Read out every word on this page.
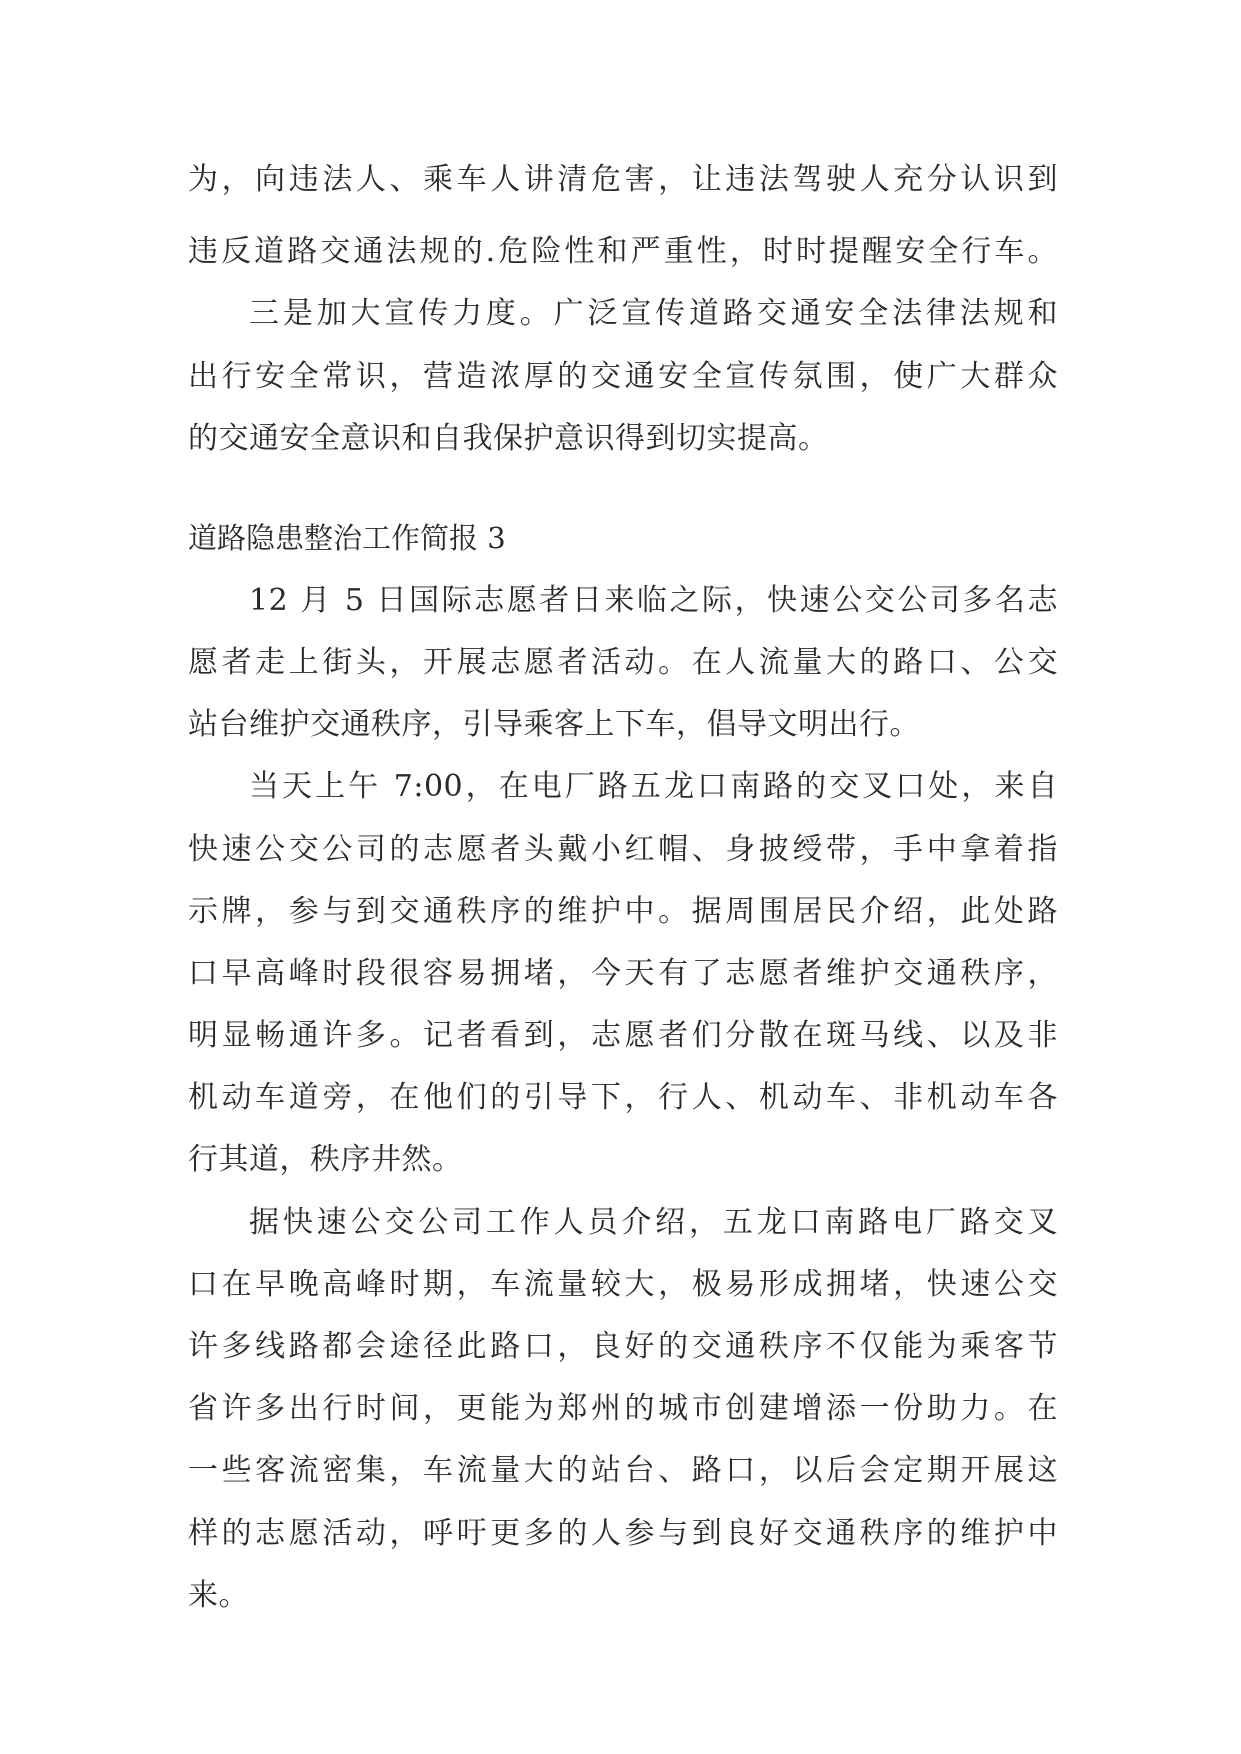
为，向违法人、乘车人讲清危害，让违法驾驶人充分认识到
违反道路交通法规的.危险性和严重性，时时提醒安全行车。
三是加大宣传力度。广泛宣传道路交通安全法律法规和
出行安全常识，营造浓厚的交通安全宣传氛围，使广大群众
的交通安全意识和自我保护意识得到切实提高。
道路隐患整治工作简报 3
12 月 5 日国际志愿者日来临之际，快速公交公司多名志
愿者走上街头，开展志愿者活动。在人流量大的路口、公交
站台维护交通秩序，引导乘客上下车，倡导文明出行。
当天上午 7:00，在电厂路五龙口南路的交叉口处，来自
快速公交公司的志愿者头戴小红帽、身披绶带，手中拿着指
示牌，参与到交通秩序的维护中。据周围居民介绍，此处路
口早高峰时段很容易拥堵，今天有了志愿者维护交通秩序，
明显畅通许多。记者看到，志愿者们分散在斑马线、以及非
机动车道旁，在他们的引导下，行人、机动车、非机动车各
行其道，秩序井然。
据快速公交公司工作人员介绍，五龙口南路电厂路交叉
口在早晚高峰时期，车流量较大，极易形成拥堵，快速公交
许多线路都会途径此路口，良好的交通秩序不仅能为乘客节
省许多出行时间，更能为郑州的城市创建增添一份助力。在
一些客流密集，车流量大的站台、路口，以后会定期开展这
样的志愿活动，呼吁更多的人参与到良好交通秩序的维护中
来。
